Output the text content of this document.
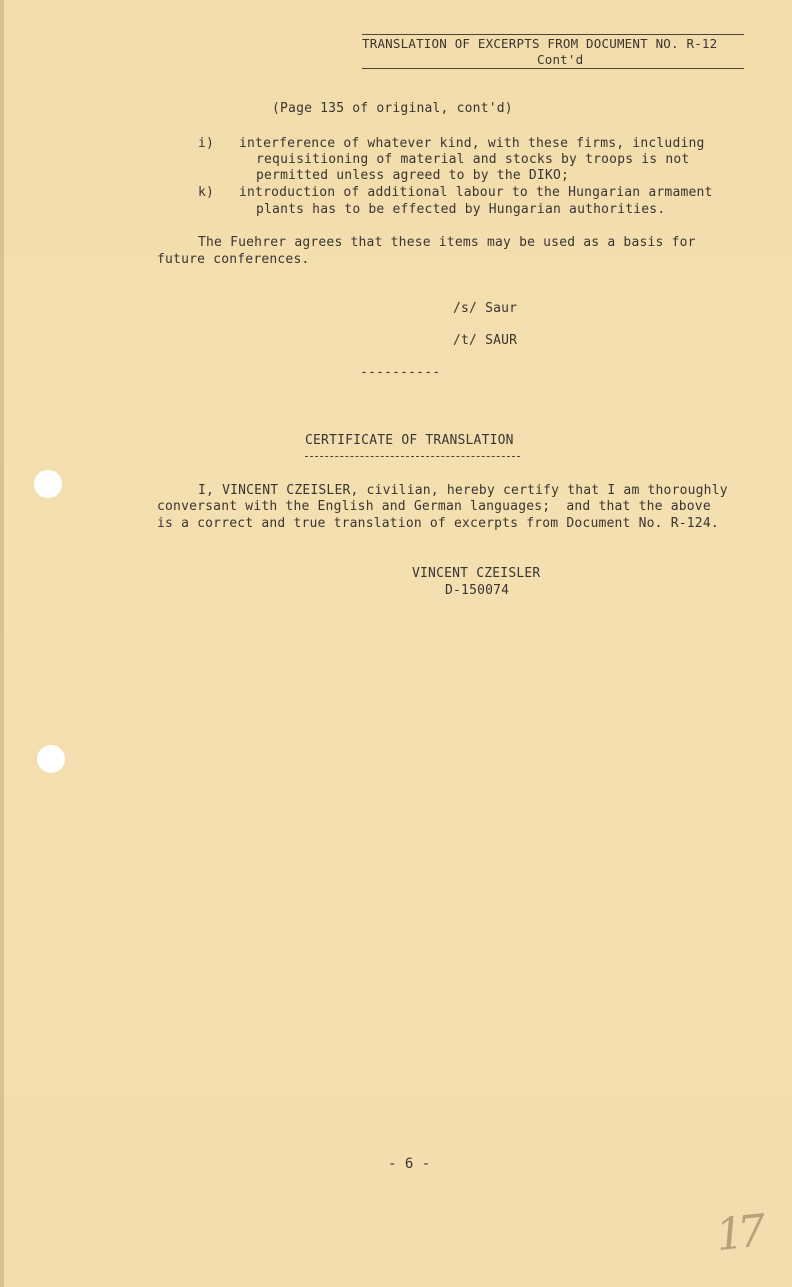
TRANSLATION OF EXCERPTS FROM DOCUMENT NO. R-12
Cont'd
(Page 135 of original, cont'd)
i) interference of whatever kind, with these firms, including
requisitioning of material and stocks by troops is not
permitted unless agreed to by the DIKO;
k) introduction of additional labour to the Hungarian armament
plants has to be effected by Hungarian authorities.
The Fuehrer agrees that these items may be used as a basis for
future conferences.
/s/ Saur
/t/ SAUR
----------
CERTIFICATE OF TRANSLATION
I, VINCENT CZEISLER, civilian, hereby certify that I am thoroughly
conversant with the English and German languages;  and that the above
is a correct and true translation of excerpts from Document No. R-124.
VINCENT CZEISLER
D-150074
- 6 -
17
